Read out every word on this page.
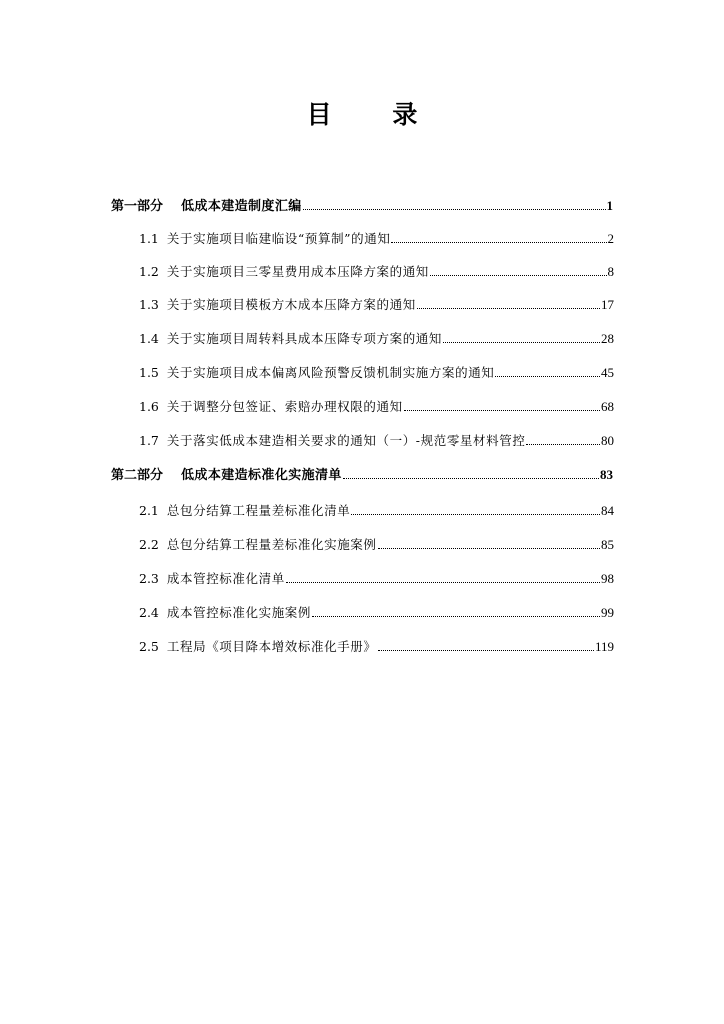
目 录
第一部分 低成本建造制度汇编	1
1.1 关于实施项目临建临设“预算制”的通知	2
1.2 关于实施项目三零星费用成本压降方案的通知	8
1.3 关于实施项目模板方木成本压降方案的通知	17
1.4 关于实施项目周转料具成本压降专项方案的通知	28
1.5 关于实施项目成本偏离风险预警反馈机制实施方案的通知	45
1.6 关于调整分包签证、索赔办理权限的通知	68
1.7 关于落实低成本建造相关要求的通知（一）-规范零星材料管控	80
第二部分 低成本建造标准化实施清单	83
2.1 总包分结算工程量差标准化清单	84
2.2 总包分结算工程量差标准化实施案例	85
2.3 成本管控标准化清单	98
2.4 成本管控标准化实施案例	99
2.5 工程局《项目降本增效标准化手册》	119
